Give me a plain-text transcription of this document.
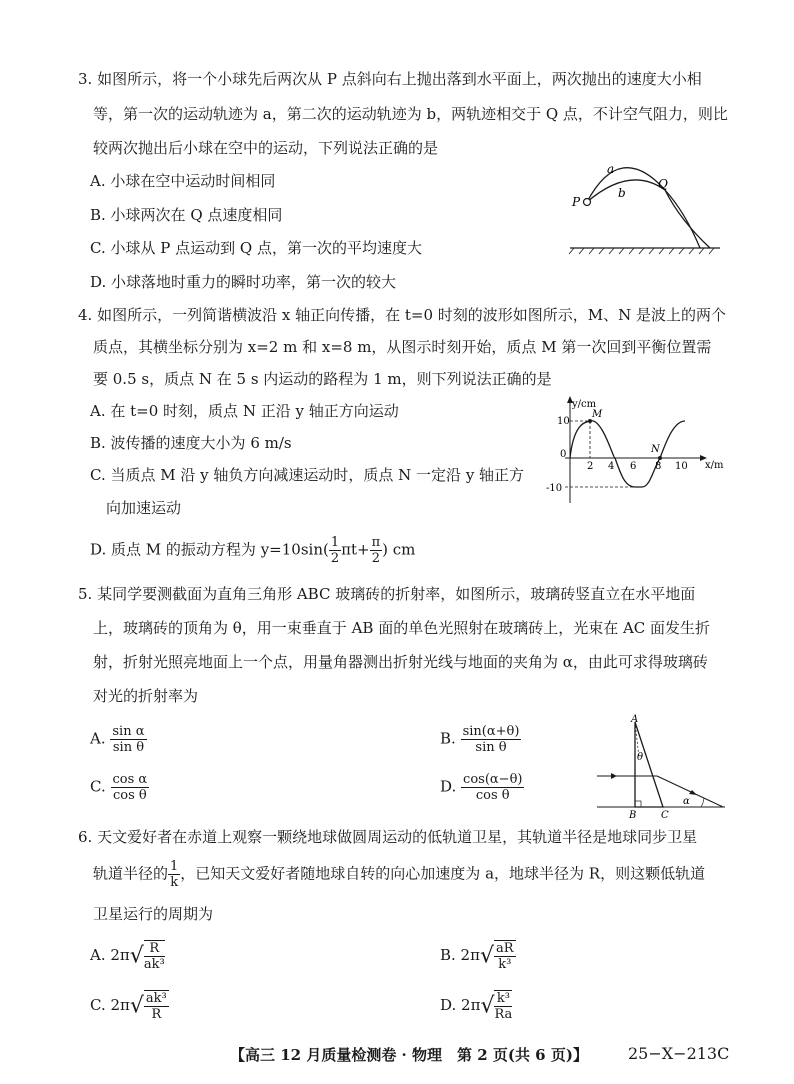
3. 如图所示，将一个小球先后两次从 P 点斜向右上抛出落到水平面上，两次抛出的速度大小相
等，第一次的运动轨迹为 a，第二次的运动轨迹为 b，两轨迹相交于 Q 点，不计空气阻力，则比
较两次抛出后小球在空中的运动，下列说法正确的是
A. 小球在空中运动时间相同
B. 小球两次在 Q 点速度相同
C. 小球从 P 点运动到 Q 点，第一次的平均速度大
D. 小球落地时重力的瞬时功率，第一次的较大
P
a
b
Q
4. 如图所示，一列简谐横波沿 x 轴正向传播，在 t=0 时刻的波形如图所示，M、N 是波上的两个
质点，其横坐标分别为 x=2 m 和 x=8 m，从图示时刻开始，质点 M 第一次回到平衡位置需
要 0.5 s，质点 N 在 5 s 内运动的路程为 1 m，则下列说法正确的是
A. 在 t=0 时刻，质点 N 正沿 y 轴正方向运动
B. 波传播的速度大小为 6 m/s
C. 当质点 M 沿 y 轴负方向减速运动时，质点 N 一定沿 y 轴正方
向加速运动
D. 质点 M 的振动方程为 $y=10\sin( \frac{1}{2} \pi t+ \frac{\pi}{2}$ ) cm
y/cm
x/m
10
-10
0
2 4 6 8 10
M
N
5. 某同学要测截面为直角三角形 ABC 玻璃砖的折射率，如图所示，玻璃砖竖直立在水平地面
上，玻璃砖的顶角为 θ，用一束垂直于 AB 面的单色光照射在玻璃砖上，光束在 AC 面发生折
射，折射光照亮地面上一个点，用量角器测出折射光线与地面的夹角为 α，由此可求得玻璃砖
对光的折射率为
A. $\frac{\text{sin α}}{\text{sin θ}}$	B. $\frac{\sin(\alpha+\theta)}{\text{sin θ}}$
C. $\frac{\text{cos α}}{\text{cos θ}}$	D. $\frac{\cos(\alpha-\theta)}{\text{cos θ}}$
A
B C
θ
α
6. 天文爱好者在赤道上观察一颗绕地球做圆周运动的低轨道卫星，其轨道半径是地球同步卫星
轨道半径的 $\frac{1}{k}$ ，已知天文爱好者随地球自转的向心加速度为 a，地球半径为 R，则这颗低轨道
卫星运行的周期为
A. $2\pi√ \frac{R}{\text{ak³}}$	B. $2\pi√ \frac{aR}{\text{k³}}$
C. $2\pi√ \frac{\text{ak³}}{R}$	D. $2\pi√ \frac{\text{k³}}{Ra}$
【高三 12 月质量检测卷 · 物理　第 2 页(共 6 页)】	25−X−213C
